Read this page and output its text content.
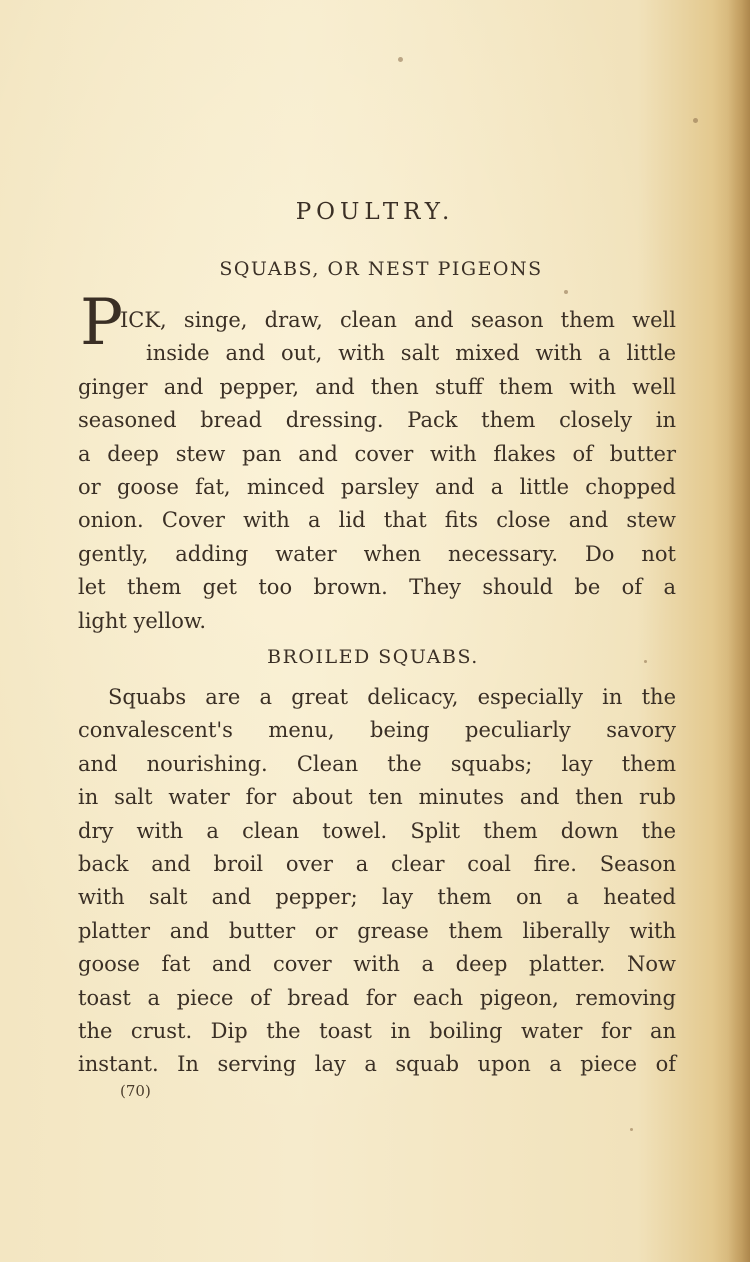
POULTRY.
SQUABS, OR NEST PIGEONS
P
ICK, singe, draw, clean and season them well
inside and out, with salt mixed with a little
ginger and pepper, and then stuff them with well
seasoned bread dressing. Pack them closely in
a deep stew pan and cover with flakes of butter
or goose fat, minced parsley and a little chopped
onion. Cover with a lid that fits close and stew
gently, adding water when necessary. Do not
let them get too brown. They should be of a
light yellow.
BROILED SQUABS.
Squabs are a great delicacy, especially in the
convalescent's menu, being peculiarly savory
and nourishing. Clean the squabs; lay them
in salt water for about ten minutes and then rub
dry with a clean towel. Split them down the
back and broil over a clear coal fire. Season
with salt and pepper; lay them on a heated
platter and butter or grease them liberally with
goose fat and cover with a deep platter. Now
toast a piece of bread for each pigeon, removing
the crust. Dip the toast in boiling water for an
instant. In serving lay a squab upon a piece of
(70)
